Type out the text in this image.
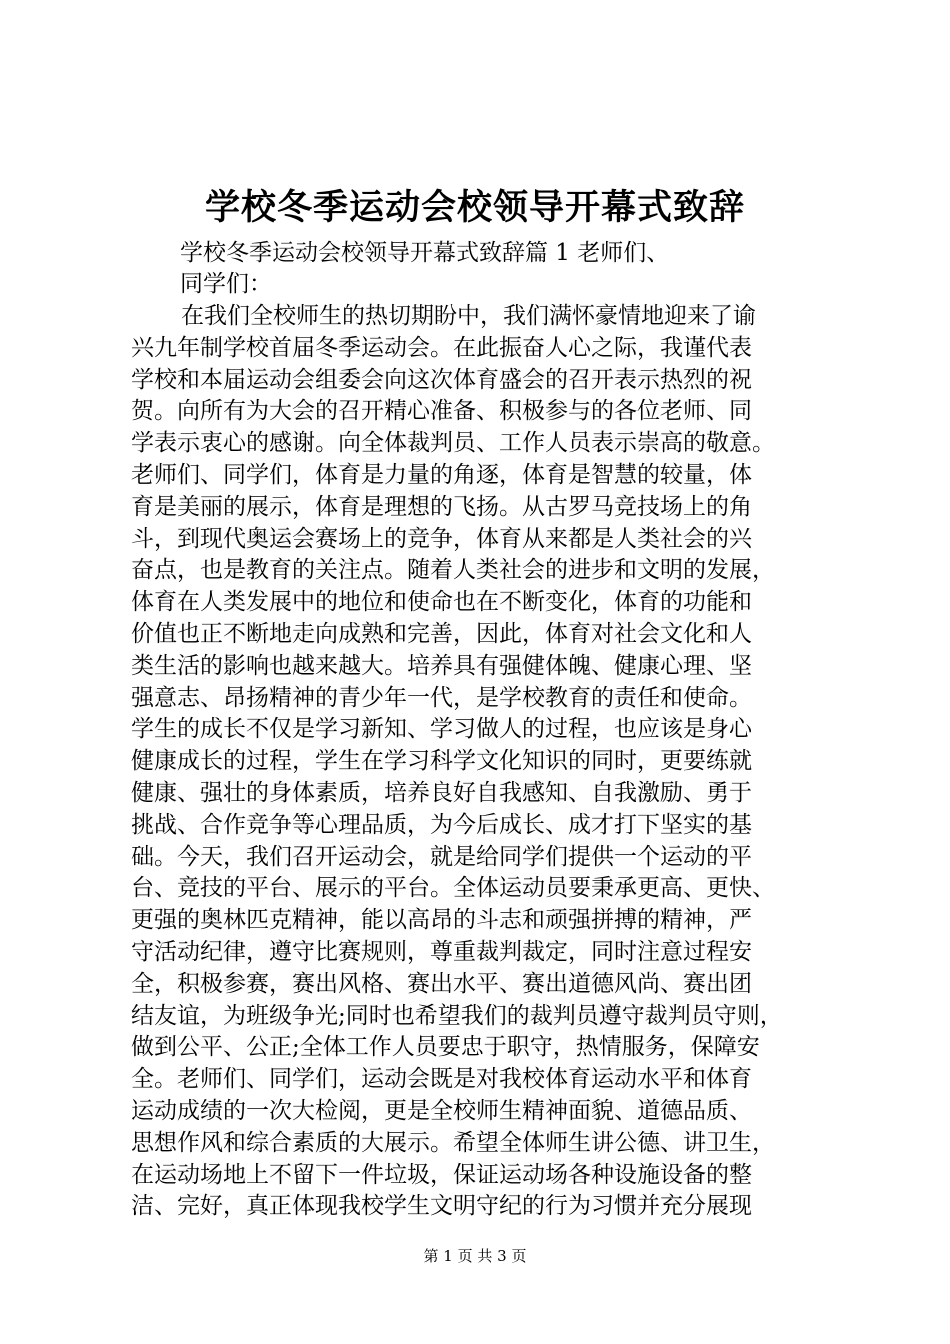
学校冬季运动会校领导开幕式致辞
学校冬季运动会校领导开幕式致辞篇 1 老师们、
同学们：
在我们全校师生的热切期盼中，我们满怀豪情地迎来了谕
兴九年制学校首届冬季运动会。在此振奋人心之际，我谨代表
学校和本届运动会组委会向这次体育盛会的召开表示热烈的祝
贺。向所有为大会的召开精心准备、积极参与的各位老师、同
学表示衷心的感谢。向全体裁判员、工作人员表示崇高的敬意。
老师们、同学们，体育是力量的角逐，体育是智慧的较量，体
育是美丽的展示，体育是理想的飞扬。从古罗马竞技场上的角
斗，到现代奥运会赛场上的竞争，体育从来都是人类社会的兴
奋点，也是教育的关注点。随着人类社会的进步和文明的发展，
体育在人类发展中的地位和使命也在不断变化，体育的功能和
价值也正不断地走向成熟和完善，因此，体育对社会文化和人
类生活的影响也越来越大。培养具有强健体魄、健康心理、坚
强意志、昂扬精神的青少年一代，是学校教育的责任和使命。
学生的成长不仅是学习新知、学习做人的过程，也应该是身心
健康成长的过程，学生在学习科学文化知识的同时，更要练就
健康、强壮的身体素质，培养良好自我感知、自我激励、勇于
挑战、合作竞争等心理品质，为今后成长、成才打下坚实的基
础。今天，我们召开运动会，就是给同学们提供一个运动的平
台、竞技的平台、展示的平台。全体运动员要秉承更高、更快、
更强的奥林匹克精神，能以高昂的斗志和顽强拼搏的精神，严
守活动纪律，遵守比赛规则，尊重裁判裁定，同时注意过程安
全，积极参赛，赛出风格、赛出水平、赛出道德风尚、赛出团
结友谊，为班级争光;同时也希望我们的裁判员遵守裁判员守则，
做到公平、公正;全体工作人员要忠于职守，热情服务，保障安
全。老师们、同学们，运动会既是对我校体育运动水平和体育
运动成绩的一次大检阅，更是全校师生精神面貌、道德品质、
思想作风和综合素质的大展示。希望全体师生讲公德、讲卫生，
在运动场地上不留下一件垃圾，保证运动场各种设施设备的整
洁、完好，真正体现我校学生文明守纪的行为习惯并充分展现
第 1 页 共 3 页
